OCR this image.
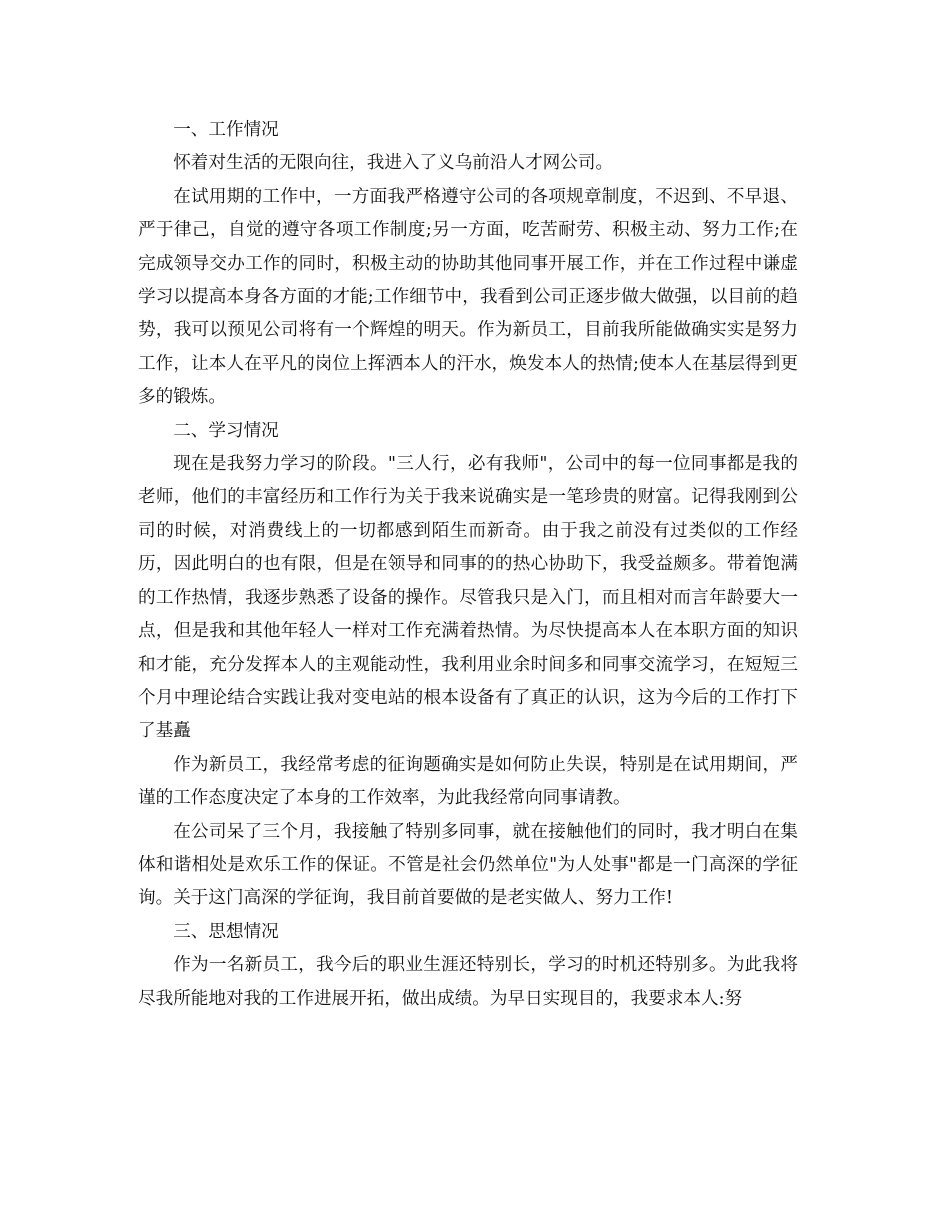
一、工作情况

怀着对生活的无限向往，我进入了义乌前沿人才网公司。

在试用期的工作中，一方面我严格遵守公司的各项规章制度，不迟到、不早退、严于律己，自觉的遵守各项工作制度;另一方面，吃苦耐劳、积极主动、努力工作;在完成领导交办工作的同时，积极主动的协助其他同事开展工作，并在工作过程中谦虚学习以提高本身各方面的才能;工作细节中，我看到公司正逐步做大做强，以目前的趋势，我可以预见公司将有一个辉煌的明天。作为新员工，目前我所能做确实实是努力工作，让本人在平凡的岗位上挥洒本人的汗水，焕发本人的热情;使本人在基层得到更多的锻炼。

二、学习情况

现在是我努力学习的阶段。"三人行，必有我师"，公司中的每一位同事都是我的老师，他们的丰富经历和工作行为关于我来说确实是一笔珍贵的财富。记得我刚到公司的时候，对消费线上的一切都感到陌生而新奇。由于我之前没有过类似的工作经历，因此明白的也有限，但是在领导和同事的的热心协助下，我受益颇多。带着饱满的工作热情，我逐步熟悉了设备的操作。尽管我只是入门，而且相对而言年龄要大一点，但是我和其他年轻人一样对工作充满着热情。为尽快提高本人在本职方面的知识和才能，充分发挥本人的主观能动性，我利用业余时间多和同事交流学习，在短短三个月中理论结合实践让我对变电站的根本设备有了真正的认识，这为今后的工作打下了基矗

作为新员工，我经常考虑的征询题确实是如何防止失误，特别是在试用期间，严谨的工作态度决定了本身的工作效率，为此我经常向同事请教。

在公司呆了三个月，我接触了特别多同事，就在接触他们的同时，我才明白在集体和谐相处是欢乐工作的保证。不管是社会仍然单位"为人处事"都是一门高深的学征询。关于这门高深的学征询，我目前首要做的是老实做人、努力工作!

三、思想情况

作为一名新员工，我今后的职业生涯还特别长，学习的时机还特别多。为此我将尽我所能地对我的工作进展开拓，做出成绩。为早日实现目的，我要求本人:努
